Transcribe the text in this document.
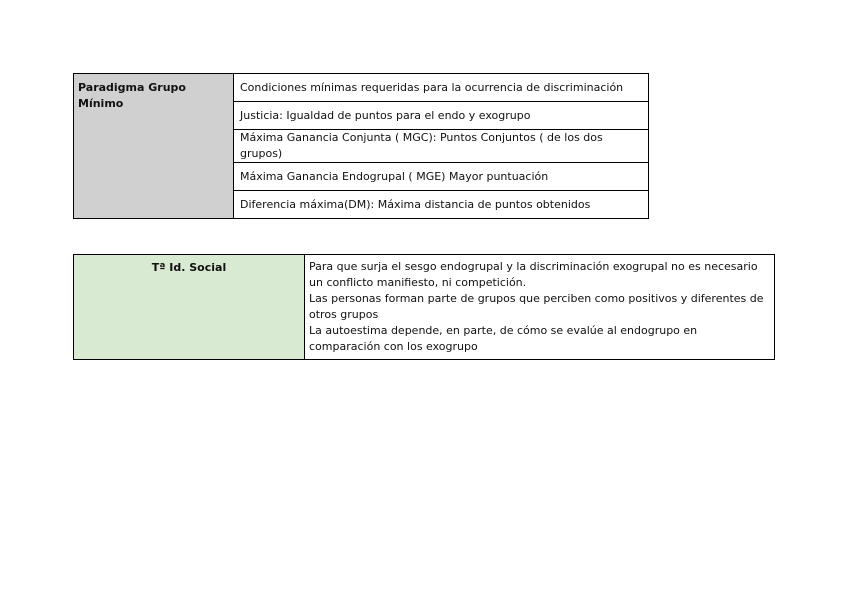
Paradigma Grupo Mínimo	Condiciones mínimas requeridas para la ocurrencia de discriminación
Justicia: Igualdad de puntos para el endo y exogrupo
Máxima Ganancia Conjunta ( MGC): Puntos Conjuntos ( de los dos grupos)
Máxima Ganancia Endogrupal ( MGE) Mayor puntuación
Diferencia máxima(DM): Máxima distancia de puntos obtenidos
Tª Id. Social	Para que surja el sesgo endogrupal y la discriminación exogrupal no es necesario un conflicto manifiesto, ni competición.
Las personas forman parte de grupos que perciben como positivos y diferentes de otros grupos
La autoestima depende, en parte, de cómo se evalúe al endogrupo en comparación con los exogrupo
